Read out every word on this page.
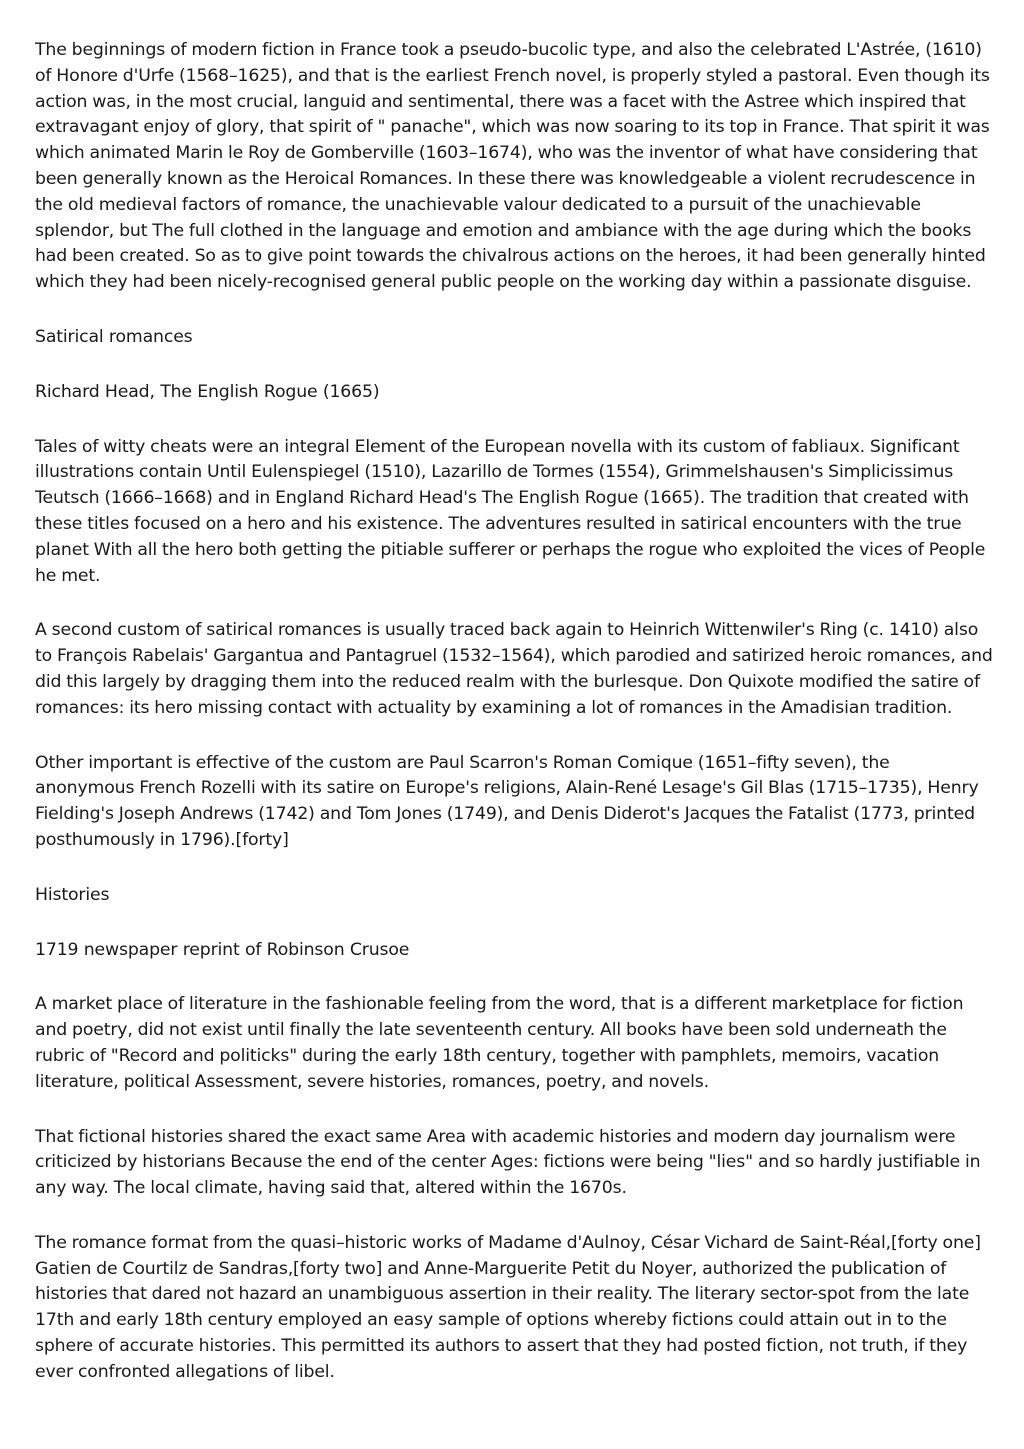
The beginnings of modern fiction in France took a pseudo-bucolic type, and also the celebrated L'Astrée, (1610) of Honore d'Urfe (1568–1625), and that is the earliest French novel, is properly styled a pastoral. Even though its action was, in the most crucial, languid and sentimental, there was a facet with the Astree which inspired that extravagant enjoy of glory, that spirit of " panache", which was now soaring to its top in France. That spirit it was which animated Marin le Roy de Gomberville (1603–1674), who was the inventor of what have considering that been generally known as the Heroical Romances. In these there was knowledgeable a violent recrudescence in the old medieval factors of romance, the unachievable valour dedicated to a pursuit of the unachievable splendor, but The full clothed in the language and emotion and ambiance with the age during which the books had been created. So as to give point towards the chivalrous actions on the heroes, it had been generally hinted which they had been nicely-recognised general public people on the working day within a passionate disguise.

Satirical romances

Richard Head, The English Rogue (1665)

Tales of witty cheats were an integral Element of the European novella with its custom of fabliaux. Significant illustrations contain Until Eulenspiegel (1510), Lazarillo de Tormes (1554), Grimmelshausen's Simplicissimus Teutsch (1666–1668) and in England Richard Head's The English Rogue (1665). The tradition that created with these titles focused on a hero and his existence. The adventures resulted in satirical encounters with the true planet With all the hero both getting the pitiable sufferer or perhaps the rogue who exploited the vices of People he met.

A second custom of satirical romances is usually traced back again to Heinrich Wittenwiler's Ring (c. 1410) also to François Rabelais' Gargantua and Pantagruel (1532–1564), which parodied and satirized heroic romances, and did this largely by dragging them into the reduced realm with the burlesque. Don Quixote modified the satire of romances: its hero missing contact with actuality by examining a lot of romances in the Amadisian tradition.

Other important is effective of the custom are Paul Scarron's Roman Comique (1651–fifty seven), the anonymous French Rozelli with its satire on Europe's religions, Alain-René Lesage's Gil Blas (1715–1735), Henry Fielding's Joseph Andrews (1742) and Tom Jones (1749), and Denis Diderot's Jacques the Fatalist (1773, printed posthumously in 1796).[forty]

Histories

1719 newspaper reprint of Robinson Crusoe

A market place of literature in the fashionable feeling from the word, that is a different marketplace for fiction and poetry, did not exist until finally the late seventeenth century. All books have been sold underneath the rubric of "Record and politicks" during the early 18th century, together with pamphlets, memoirs, vacation literature, political Assessment, severe histories, romances, poetry, and novels.

That fictional histories shared the exact same Area with academic histories and modern day journalism were criticized by historians Because the end of the center Ages: fictions were being "lies" and so hardly justifiable in any way. The local climate, having said that, altered within the 1670s.

The romance format from the quasi–historic works of Madame d'Aulnoy, César Vichard de Saint-Réal,[forty one] Gatien de Courtilz de Sandras,[forty two] and Anne-Marguerite Petit du Noyer, authorized the publication of histories that dared not hazard an unambiguous assertion in their reality. The literary sector-spot from the late 17th and early 18th century employed an easy sample of options whereby fictions could attain out in to the sphere of accurate histories. This permitted its authors to assert that they had posted fiction, not truth, if they ever confronted allegations of libel.
